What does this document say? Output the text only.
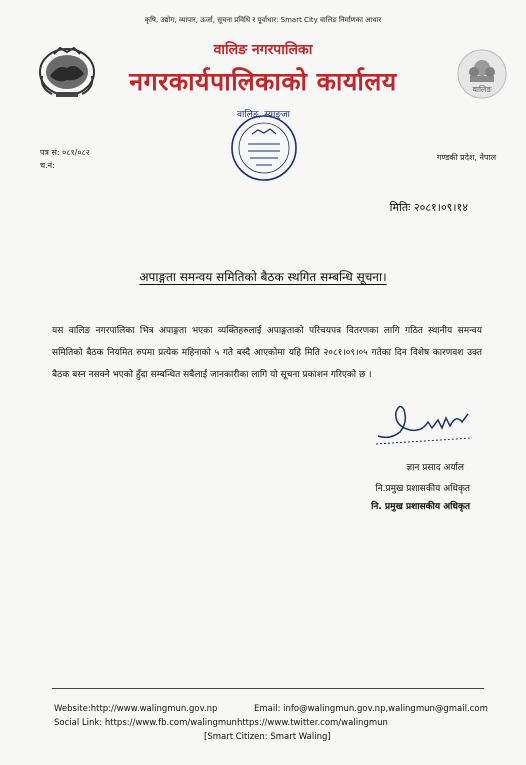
कृषि, उद्योग, व्यापार, ऊर्जा, सूचना प्रविधि र पूर्वाधार: Smart City वालिङ निर्माणका आधार
वालिङ नगरपालिका
नगरकार्यपालिकाको कार्यालय	वालिङ
वालिङ, स्याङ्जा
पत्र सं: ०८१/०८२
च.नं:
गण्डकी प्रदेश, नेपाल
मितिः २०८१।०९।१४
अपाङ्गता समन्वय समितिको बैठक स्थगित सम्बन्धि सूचना।
यस वालिङ नगरपालिका भित्र अपाङ्गता भएका व्यक्तिहरुलाई अपाङ्गताको परिचयपत्र वितरणका लागि गठित स्थानीय समन्वय समितिको बैठक नियमित रुपमा प्रत्येक महिनाको ५ गते बस्दै आएकोमा यहि मिति २०८१।०९।०५ गतेका दिन विशेष कारणवश उक्त बैठक बस्न नसक्ने भएको हुँदा सम्बन्धित सबैलाई जानकारीका लागि यो सूचना प्रकाशन गरिएको छ ।
ज्ञान प्रसाद अर्याल
नि.प्रमुख प्रशासकीय अधिकृत
नि. प्रमुख प्रशासकीय अधिकृत
Website:http://www.walingmun.gov.np	Email: info@walingmun.gov.np,walingmun@gmail.com
Social Link: https://www.fb.com/walingmunhttps://www.twitter.com/walingmun
[Smart Citizen: Smart Waling]
